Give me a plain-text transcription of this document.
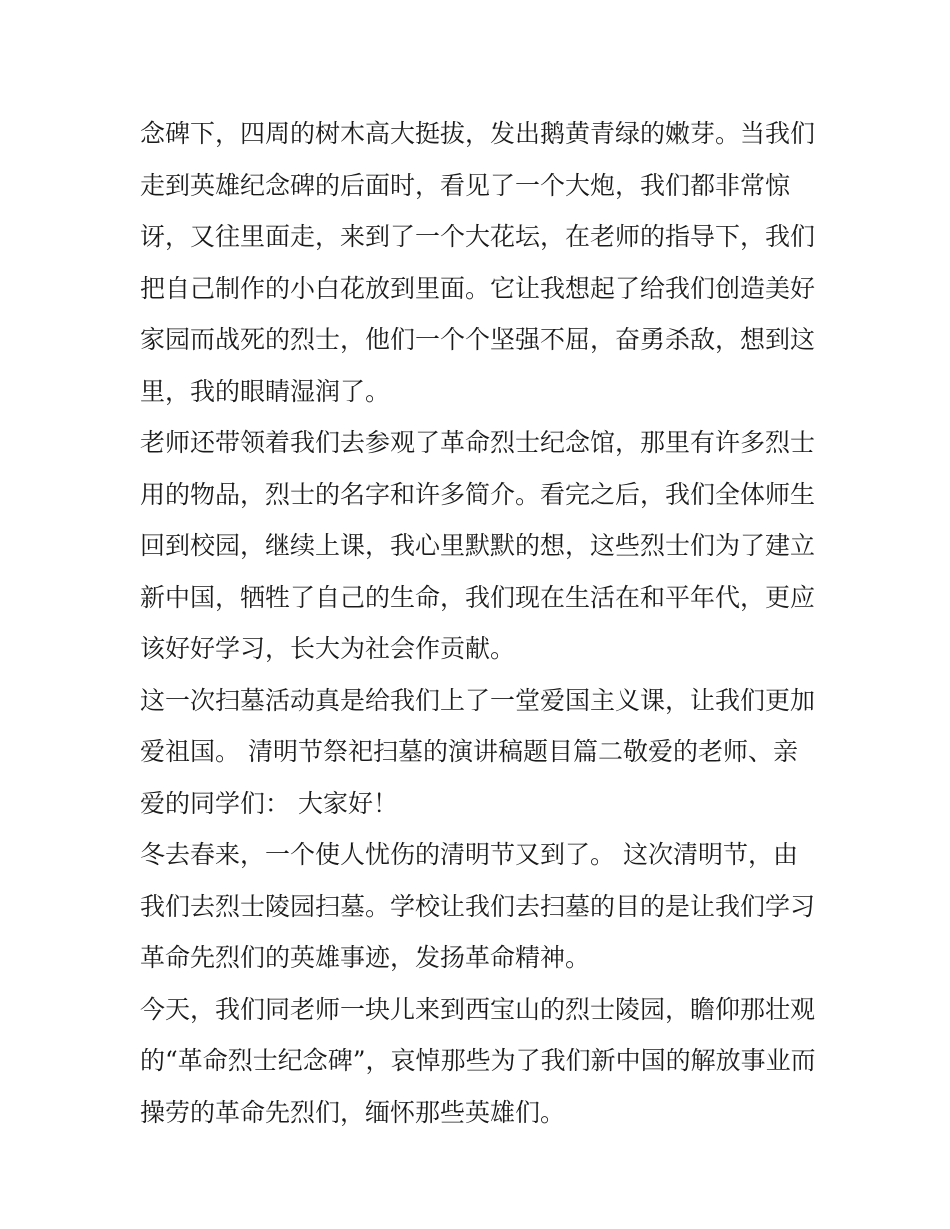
念碑下，四周的树木高大挺拔，发出鹅黄青绿的嫩芽。当我们
走到英雄纪念碑的后面时，看见了一个大炮，我们都非常惊
讶，又往里面走，来到了一个大花坛，在老师的指导下，我们
把自己制作的小白花放到里面。它让我想起了给我们创造美好
家园而战死的烈士，他们一个个坚强不屈，奋勇杀敌，想到这
里，我的眼睛湿润了。
老师还带领着我们去参观了革命烈士纪念馆，那里有许多烈士
用的物品，烈士的名字和许多简介。看完之后，我们全体师生
回到校园，继续上课，我心里默默的想，这些烈士们为了建立
新中国，牺牲了自己的生命，我们现在生活在和平年代，更应
该好好学习，长大为社会作贡献。
这一次扫墓活动真是给我们上了一堂爱国主义课，让我们更加
爱祖国。 清明节祭祀扫墓的演讲稿题目篇二敬爱的老师、亲
爱的同学们： 大家好！
冬去春来，一个使人忧伤的清明节又到了。 这次清明节，由
我们去烈士陵园扫墓。学校让我们去扫墓的目的是让我们学习
革命先烈们的英雄事迹，发扬革命精神。
今天，我们同老师一块儿来到西宝山的烈士陵园，瞻仰那壮观
的“革命烈士纪念碑”，哀悼那些为了我们新中国的解放事业而
操劳的革命先烈们，缅怀那些英雄们。
